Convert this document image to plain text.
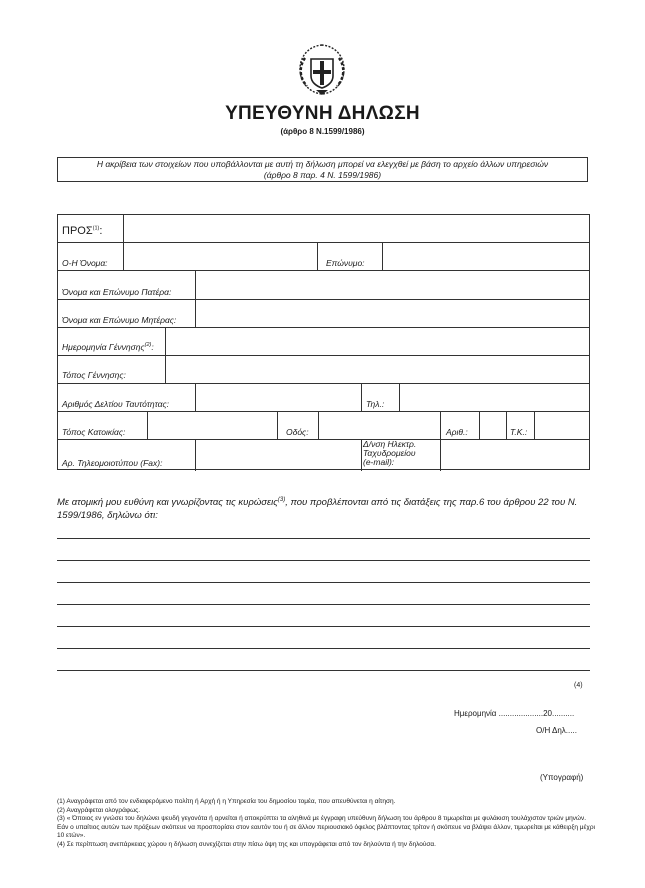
ΥΠΕΥΘΥΝΗ ΔΗΛΩΣΗ
(άρθρο 8 Ν.1599/1986)
Η ακρίβεια των στοιχείων που υποβάλλονται με αυτή τη δήλωση μπορεί να ελεγχθεί με βάση το αρχείο άλλων υπηρεσιών
(άρθρο 8 παρ. 4 Ν. 1599/1986)
ΠΡΟΣ$^{(1)}$:
Ο-Η Όνομα:	Επώνυμο:
Όνομα και Επώνυμο Πατέρα:
Όνομα και Επώνυμο Μητέρας:
Ημερομηνία Γέννησης$^{(2)}$:
Τόπος Γέννησης:
Αριθμός Δελτίου Ταυτότητας:	Τηλ.:
Τόπος Κατοικίας:	Οδός:	Αριθ.:	Τ.Κ.:
Αρ. Τηλεομοιοτύπου (Fax):
Δ/νση Ηλεκτρ.
Ταχυδρομείου
(e-mail):
Με ατομική μου ευθύνη και γνωρίζοντας τις κυρώσεις$^{(3)}$, που προβλέπονται από τις διατάξεις της παρ.6 του άρθρου 22 του Ν. 1599/1986, δηλώνω ότι:
(4)
Ημερομηνία ....................20..........
Ο/Η Δηλ.....
(Υπογραφή)
(1) Αναγράφεται από τον ενδιαφερόμενο πολίτη ή Αρχή ή η Υπηρεσία του δημοσίου τομέα, που απευθύνεται η αίτηση.
(2) Αναγράφεται ολογράφως.
(3) « Όποιος εν γνώσει του δηλώνει ψευδή γεγονότα ή αρνείται ή αποκρύπτει τα αληθινά με έγγραφη υπεύθυνη δήλωση του άρθρου 8 τιμωρείται με φυλάκιση τουλάχιστον τριών μηνών. Εάν ο υπαίτιος αυτών των πράξεων σκόπευε να προσπορίσει στον εαυτόν του ή σε άλλον περιουσιακό όφελος βλάπτοντας τρίτον ή σκόπευε να βλάψει άλλον, τιμωρείται με κάθειρξη μέχρι 10 ετών».
(4) Σε περίπτωση ανεπάρκειας χώρου η δήλωση συνεχίζεται στην πίσω όψη της και υπογράφεται από τον δηλούντα ή την δηλούσα.
